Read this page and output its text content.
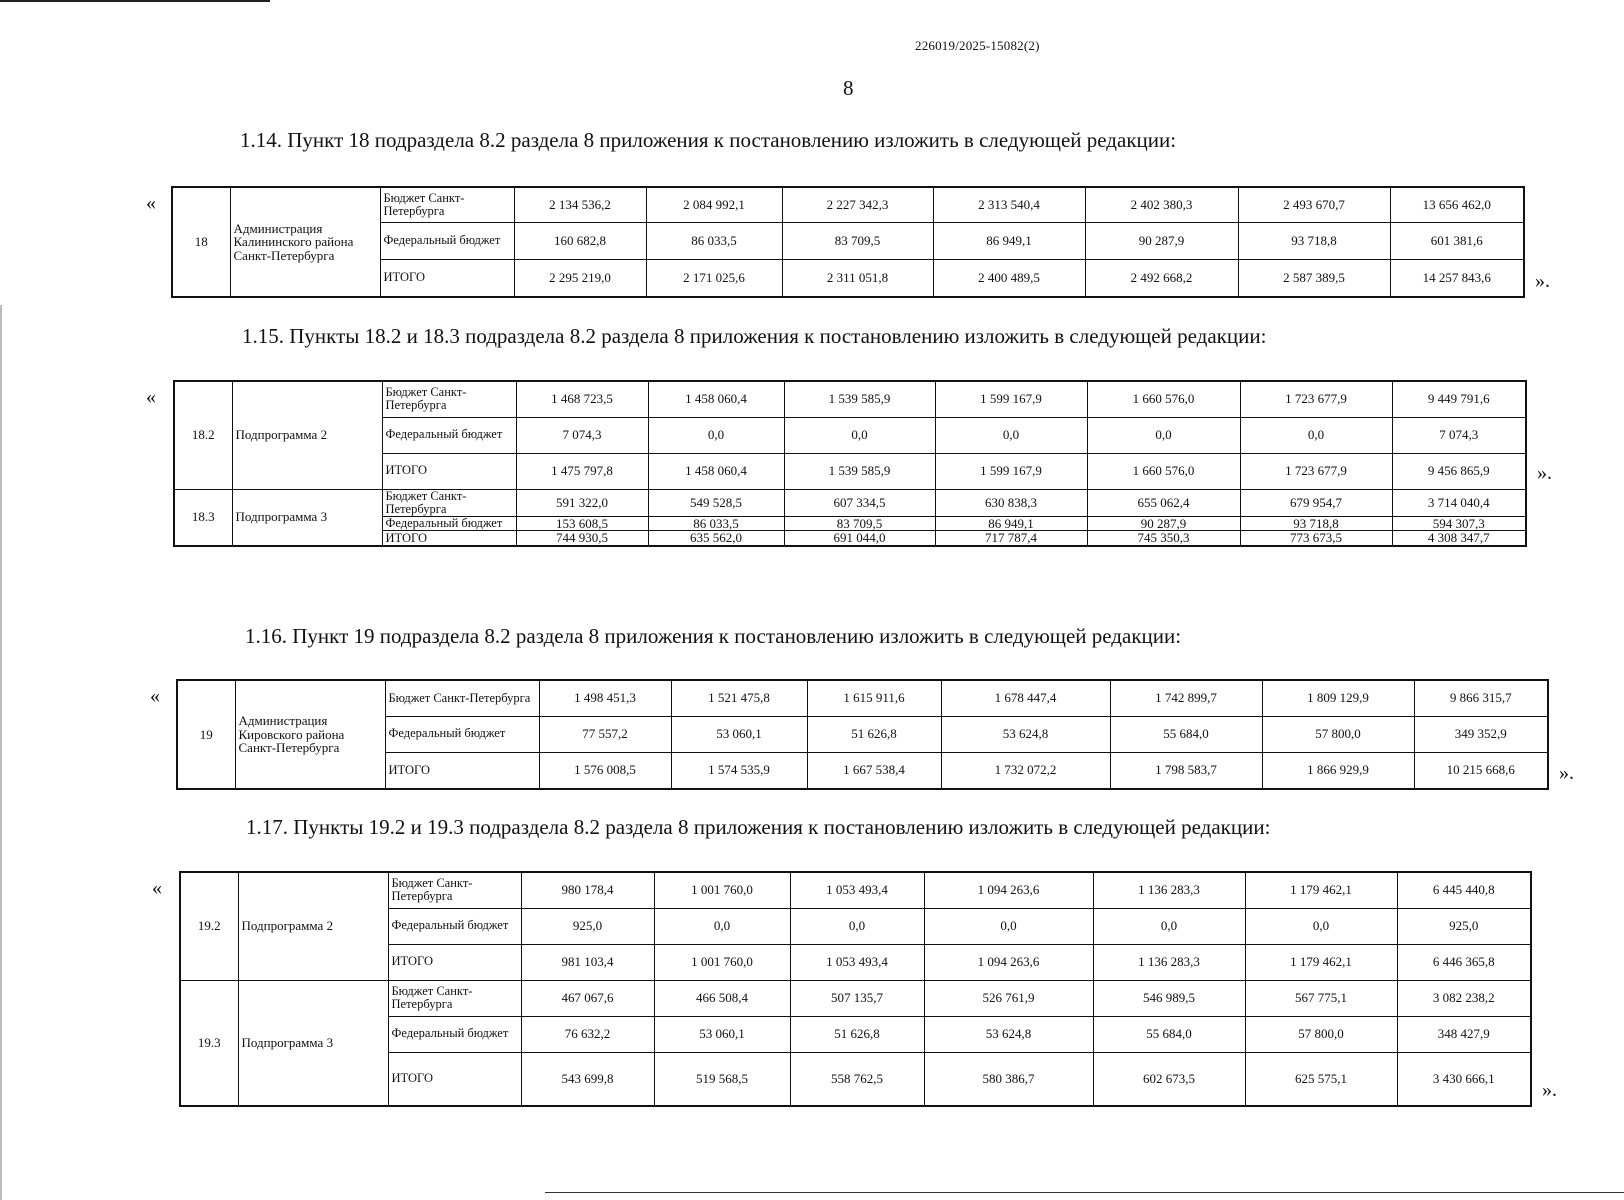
226019/2025-15082(2)
8
1.14. Пункт 18 подраздела 8.2 раздела 8 приложения к постановлению изложить в следующей редакции:
«
18	Администрация Калининского района Санкт-Петербурга	Бюджет Санкт-Петербурга	2 134 536,2	2 084 992,1	2 227 342,3	2 313 540,4	2 402 380,3	2 493 670,7	13 656 462,0
		Федеральный бюджет	160 682,8	86 033,5	83 709,5	86 949,1	90 287,9	93 718,8	601 381,6
		ИТОГО	2 295 219,0	2 171 025,6	2 311 051,8	2 400 489,5	2 492 668,2	2 587 389,5	14 257 843,6 ».
1.15. Пункты 18.2 и 18.3 подраздела 8.2 раздела 8 приложения к постановлению изложить в следующей редакции:
«
18.2	Подпрограмма 2	Бюджет Санкт-Петербурга	1 468 723,5	1 458 060,4	1 539 585,9	1 599 167,9	1 660 576,0	1 723 677,9	9 449 791,6
		Федеральный бюджет	7 074,3	0,0	0,0	0,0	0,0	0,0	7 074,3
		ИТОГО	1 475 797,8	1 458 060,4	1 539 585,9	1 599 167,9	1 660 576,0	1 723 677,9	9 456 865,9
18.3	Подпрограмма 3	Бюджет Санкт-Петербурга	591 322,0	549 528,5	607 334,5	630 838,3	655 062,4	679 954,7	3 714 040,4
		Федеральный бюджет	153 608,5	86 033,5	83 709,5	86 949,1	90 287,9	93 718,8	594 307,3
		ИТОГО	744 930,5	635 562,0	691 044,0	717 787,4	745 350,3	773 673,5	4 308 347,7
».
1.16. Пункт 19 подраздела 8.2 раздела 8 приложения к постановлению изложить в следующей редакции:
«
19	Администрация Кировского района Санкт-Петербурга	Бюджет Санкт-Петербурга	1 498 451,3	1 521 475,8	1 615 911,6	1 678 447,4	1 742 899,7	1 809 129,9	9 866 315,7
		Федеральный бюджет	77 557,2	53 060,1	51 626,8	53 624,8	55 684,0	57 800,0	349 352,9
		ИТОГО	1 576 008,5	1 574 535,9	1 667 538,4	1 732 072,2	1 798 583,7	1 866 929,9	10 215 668,6 ».
1.17. Пункты 19.2 и 19.3 подраздела 8.2 раздела 8 приложения к постановлению изложить в следующей редакции:
«
19.2	Подпрограмма 2	Бюджет Санкт-Петербурга	980 178,4	1 001 760,0	1 053 493,4	1 094 263,6	1 136 283,3	1 179 462,1	6 445 440,8
		Федеральный бюджет	925,0	0,0	0,0	0,0	0,0	0,0	925,0
		ИТОГО	981 103,4	1 001 760,0	1 053 493,4	1 094 263,6	1 136 283,3	1 179 462,1	6 446 365,8
19.3	Подпрограмма 3	Бюджет Санкт-Петербурга	467 067,6	466 508,4	507 135,7	526 761,9	546 989,5	567 775,1	3 082 238,2
		Федеральный бюджет	76 632,2	53 060,1	51 626,8	53 624,8	55 684,0	57 800,0	348 427,9
		ИТОГО	543 699,8	519 568,5	558 762,5	580 386,7	602 673,5	625 575,1	3 430 666,1
».
